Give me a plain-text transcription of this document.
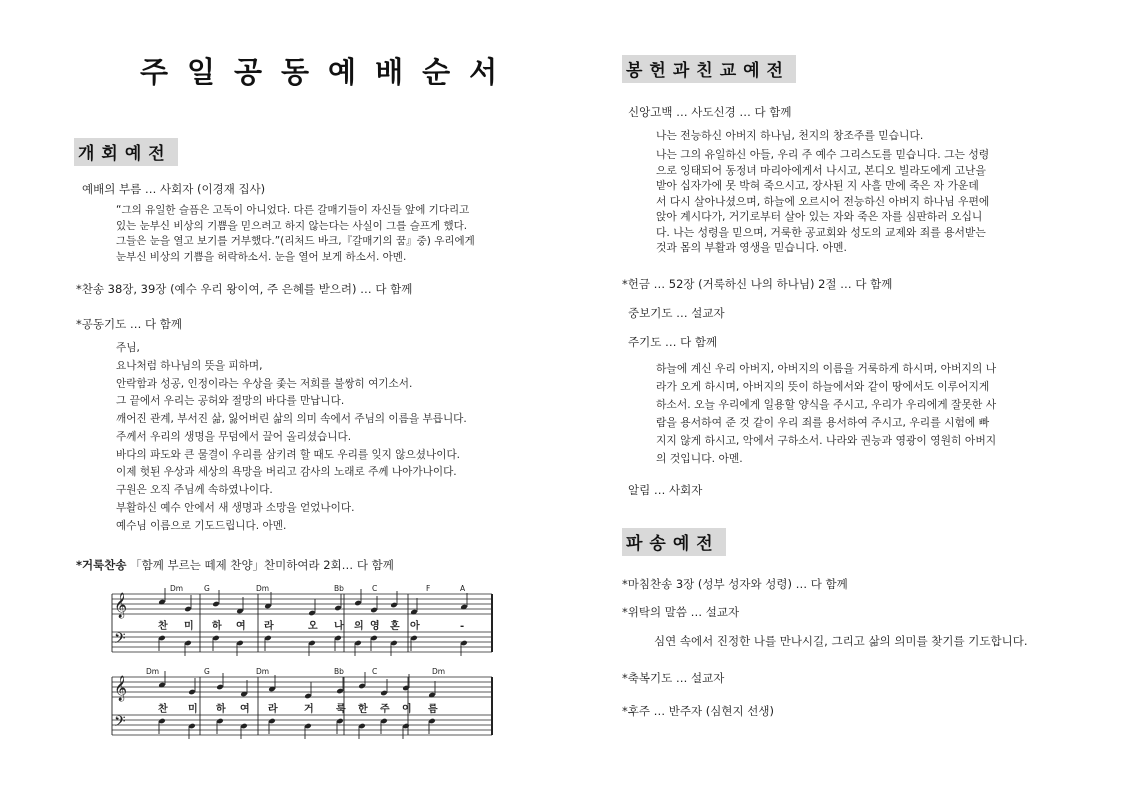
주일공동예배순서
개회예전
예배의 부름 … 사회자 (이경재 집사)
“그의 유일한 슬픔은 고독이 아니었다. 다른 갈매기들이 자신들 앞에 기다리고
있는 눈부신 비상의 기쁨을 믿으려고 하지 않는다는 사실이 그를 슬프게 했다.
그들은 눈을 열고 보기를 거부했다.”(리처드 바크,『갈매기의 꿈』중) 우리에게
눈부신 비상의 기쁨을 허락하소서. 눈을 열어 보게 하소서. 아멘.
*찬송 38장, 39장 (예수 우리 왕이여, 주 은혜를 받으려) … 다 함께
*공동기도 … 다 함께
주님,
요나처럼 하나님의 뜻을 피하며,
안락함과 성공, 인정이라는 우상을 좇는 저희를 불쌍히 여기소서.
그 끝에서 우리는 공허와 절망의 바다를 만납니다.
깨어진 관계, 부서진 삶, 잃어버린 삶의 의미 속에서 주님의 이름을 부릅니다.
주께서 우리의 생명을 무덤에서 끌어 올리셨습니다.
바다의 파도와 큰 물결이 우리를 삼키려 할 때도 우리를 잊지 않으셨나이다.
이제 헛된 우상과 세상의 욕망을 버리고 감사의 노래로 주께 나아가나이다.
구원은 오직 주님께 속하였나이다.
부활하신 예수 안에서 새 생명과 소망을 얻었나이다.
예수님 이름으로 기도드립니다. 아멘.
*거룩찬송 「함께 부르는 떼제 찬양」찬미하여라 2회… 다 함께
𝄞
𝄢
Dm	G	Dm	Bb	C	F	A
찬 미 하 여 라	오 나 의 영 혼 아	-
𝄞
𝄢
Dm	G	Dm	Bb	C	Dm
찬 미 하 여 라	거 룩 한 주 이 름
봉헌과친교예전
신앙고백 … 사도신경 … 다 함께
나는 전능하신 아버지 하나님, 천지의 창조주를 믿습니다.
나는 그의 유일하신 아들, 우리 주 예수 그리스도를 믿습니다. 그는 성령
으로 잉태되어 동정녀 마리아에게서 나시고, 본디오 빌라도에게 고난을
받아 십자가에 못 박혀 죽으시고, 장사된 지 사흘 만에 죽은 자 가운데
서 다시 살아나셨으며, 하늘에 오르시어 전능하신 아버지 하나님 우편에
앉아 계시다가, 거기로부터 살아 있는 자와 죽은 자를 심판하러 오십니
다. 나는 성령을 믿으며, 거룩한 공교회와 성도의 교제와 죄를 용서받는
것과 몸의 부활과 영생을 믿습니다. 아멘.
*헌금 … 52장 (거룩하신 나의 하나님) 2절 … 다 함께
중보기도 … 설교자
주기도 … 다 함께
하늘에 계신 우리 아버지, 아버지의 이름을 거룩하게 하시며, 아버지의 나
라가 오게 하시며, 아버지의 뜻이 하늘에서와 같이 땅에서도 이루어지게
하소서. 오늘 우리에게 일용할 양식을 주시고, 우리가 우리에게 잘못한 사
람을 용서하여 준 것 같이 우리 죄를 용서하여 주시고, 우리를 시험에 빠
지지 않게 하시고, 악에서 구하소서. 나라와 권능과 영광이 영원히 아버지
의 것입니다. 아멘.
알림 … 사회자
파송예전
*마침찬송 3장 (성부 성자와 성령) … 다 함께
*위탁의 말씀 … 설교자
심연 속에서 진정한 나를 만나시길, 그리고 삶의 의미를 찾기를 기도합니다.
*축복기도 … 설교자
*후주 … 반주자 (심현지 선생)
